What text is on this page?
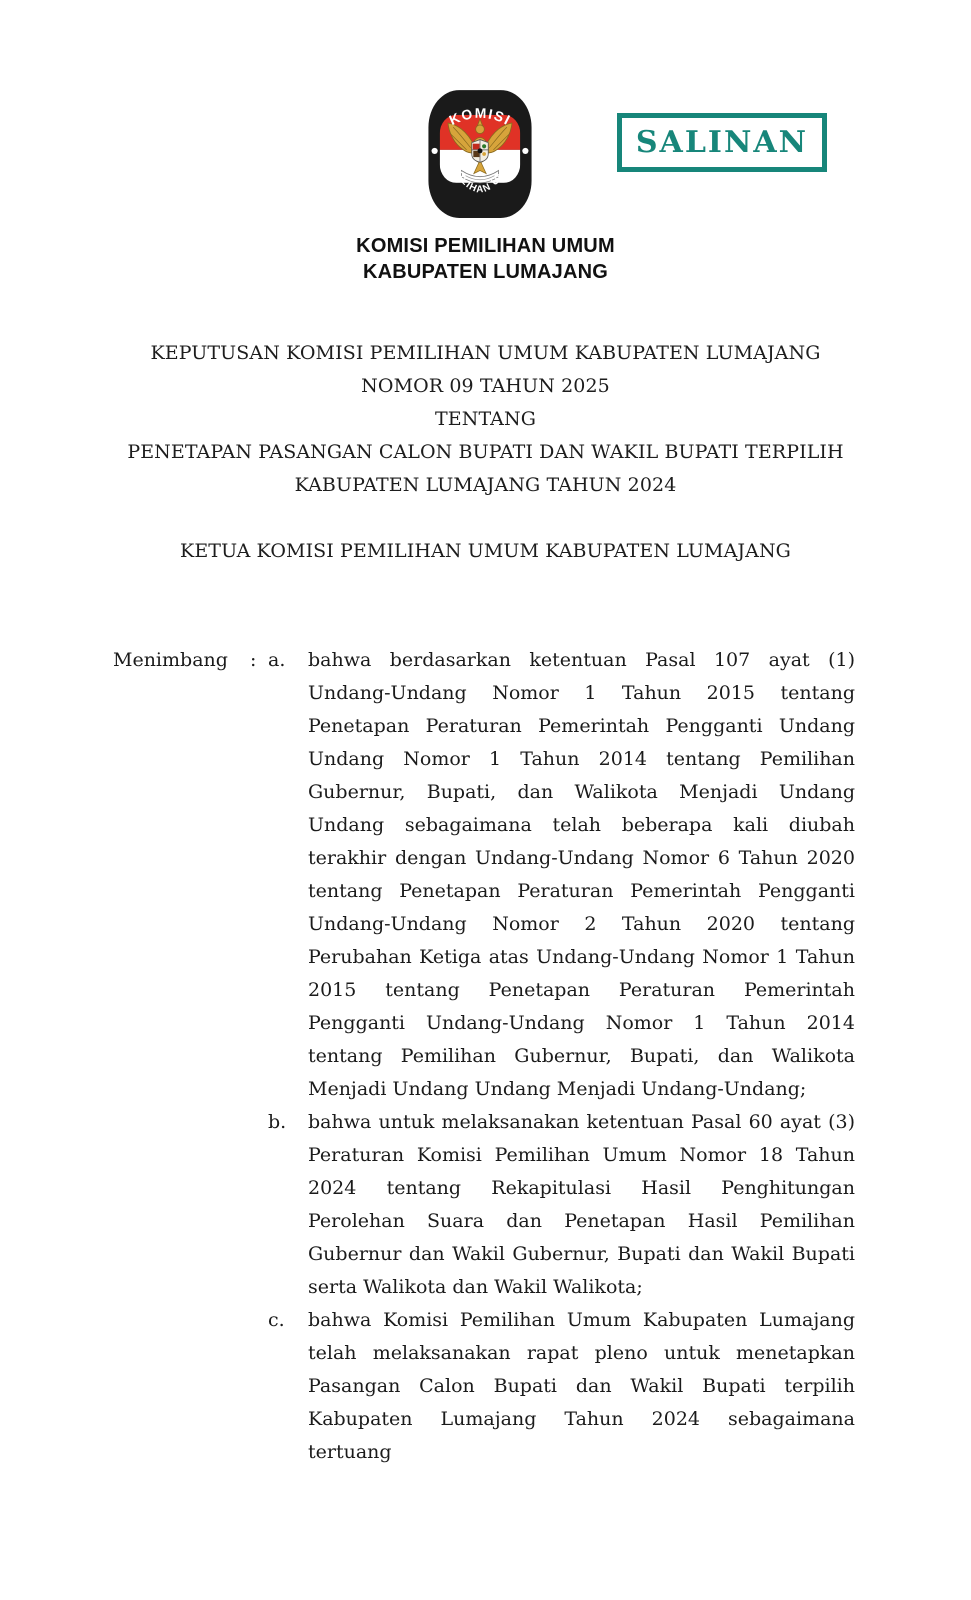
KOMISI
PEMILIHAN UMUM	SALINAN
KOMISI PEMILIHAN UMUM
KABUPATEN LUMAJANG
KEPUTUSAN KOMISI PEMILIHAN UMUM KABUPATEN LUMAJANG
NOMOR 09 TAHUN 2025
TENTANG
PENETAPAN PASANGAN CALON BUPATI DAN WAKIL BUPATI TERPILIH
KABUPATEN LUMAJANG TAHUN 2024
KETUA KOMISI PEMILIHAN UMUM KABUPATEN LUMAJANG
Menimbang	: a.	bahwa berdasarkan ketentuan Pasal 107 ayat (1) Undang-Undang Nomor 1 Tahun 2015 tentang Penetapan Peraturan Pemerintah Pengganti Undang Undang Nomor 1 Tahun 2014 tentang Pemilihan Gubernur, Bupati, dan Walikota Menjadi Undang Undang sebagaimana telah beberapa kali diubah terakhir dengan Undang-Undang Nomor 6 Tahun 2020 tentang Penetapan Peraturan Pemerintah Pengganti Undang-Undang Nomor 2 Tahun 2020 tentang Perubahan Ketiga atas Undang-Undang Nomor 1 Tahun 2015 tentang Penetapan Peraturan Pemerintah Pengganti Undang-Undang Nomor 1 Tahun 2014 tentang Pemilihan Gubernur, Bupati, dan Walikota Menjadi Undang Undang Menjadi Undang-Undang;
b.	bahwa untuk melaksanakan ketentuan Pasal 60 ayat (3) Peraturan Komisi Pemilihan Umum Nomor 18 Tahun 2024 tentang Rekapitulasi Hasil Penghitungan Perolehan Suara dan Penetapan Hasil Pemilihan Gubernur dan Wakil Gubernur, Bupati dan Wakil Bupati serta Walikota dan Wakil Walikota;
c.	bahwa Komisi Pemilihan Umum Kabupaten Lumajang telah melaksanakan rapat pleno untuk menetapkan Pasangan Calon Bupati dan Wakil Bupati terpilih Kabupaten Lumajang Tahun 2024 sebagaimana tertuang
